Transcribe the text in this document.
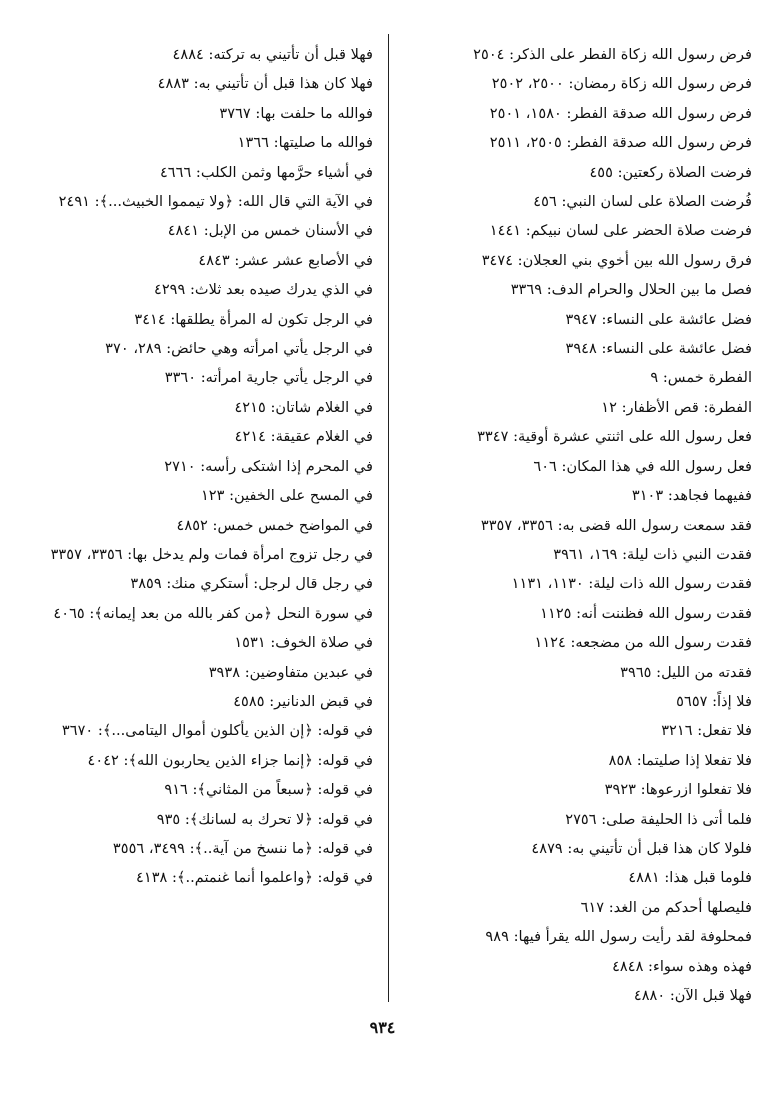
فرض رسول الله زكاة الفطر على الذكر: ٢٥٠٤
فرض رسول الله زكاة رمضان: ٢٥٠٠، ٢٥٠٢
فرض رسول الله صدقة الفطر: ١٥٨٠، ٢٥٠١
فرض رسول الله صدقة الفطر: ٢٥٠٥، ٢٥١١
فرضت الصلاة ركعتين: ٤٥٥
فُرضت الصلاة على لسان النبي: ٤٥٦
فرضت صلاة الحضر على لسان نبيكم: ١٤٤١
فرق رسول الله بين أخوي بني العجلان: ٣٤٧٤
فصل ما بين الحلال والحرام الدف: ٣٣٦٩
فضل عائشة على النساء: ٣٩٤٧
فضل عائشة على النساء: ٣٩٤٨
الفطرة خمس: ٩
الفطرة: قص الأظفار: ١٢
فعل رسول الله على اثنتي عشرة أوقية: ٣٣٤٧
فعل رسول الله في هذا المكان: ٦٠٦
ففيهما فجاهد: ٣١٠٣
فقد سمعت رسول الله قضى به: ٣٣٥٦، ٣٣٥٧
فقدت النبي ذات ليلة: ١٦٩، ٣٩٦١
فقدت رسول الله ذات ليلة: ١١٣٠، ١١٣١
فقدت رسول الله فظننت أنه: ١١٢٥
فقدت رسول الله من مضجعه: ١١٢٤
فقدته من الليل: ٣٩٦٥
فلا إذاً: ٥٦٥٧
فلا تفعل: ٣٢١٦
فلا تفعلا إذا صليتما: ٨٥٨
فلا تفعلوا ازرعوها: ٣٩٢٣
فلما أتى ذا الحليفة صلى: ٢٧٥٦
فلولا كان هذا قبل أن تأتيني به: ٤٨٧٩
فلوما قبل هذا: ٤٨٨١
فليصلها أحدكم من الغد: ٦١٧
فمحلوفة لقد رأيت رسول الله يقرأ فيها: ٩٨٩
فهذه وهذه سواء: ٤٨٤٨
فهلا قبل الآن: ٤٨٨٠
فهلا قبل أن تأتيني به تركته: ٤٨٨٤
فهلا كان هذا قبل أن تأتيني به: ٤٨٨٣
فوالله ما حلفت بها: ٣٧٦٧
فوالله ما صليتها: ١٣٦٦
في أشياء حرَّمها وثمن الكلب: ٤٦٦٦
في الآية التي قال الله: ﴿ولا تيمموا الخبيث...﴾: ٢٤٩١
في الأسنان خمس من الإبل: ٤٨٤١
في الأصابع عشر عشر: ٤٨٤٣
في الذي يدرك صيده بعد ثلاث: ٤٢٩٩
في الرجل تكون له المرأة يطلقها: ٣٤١٤
في الرجل يأتي امرأته وهي حائض: ٢٨٩، ٣٧٠
في الرجل يأتي جارية امرأته: ٣٣٦٠
في الغلام شاتان: ٤٢١٥
في الغلام عقيقة: ٤٢١٤
في المحرم إذا اشتكى رأسه: ٢٧١٠
في المسح على الخفين: ١٢٣
في المواضح خمس خمس: ٤٨٥٢
في رجل تزوج امرأة فمات ولم يدخل بها: ٣٣٥٦، ٣٣٥٧
في رجل قال لرجل: أستكري منك: ٣٨٥٩
في سورة النحل ﴿من كفر بالله من بعد إيمانه﴾: ٤٠٦٥
في صلاة الخوف: ١٥٣١
في عبدين متفاوضين: ٣٩٣٨
في قبض الدنانير: ٤٥٨٥
في قوله: ﴿إن الذين يأكلون أموال اليتامى...﴾: ٣٦٧٠
في قوله: ﴿إنما جزاء الذين يحاربون الله﴾: ٤٠٤٢
في قوله: ﴿سبعاً من المثاني﴾: ٩١٦
في قوله: ﴿لا تحرك به لسانك﴾: ٩٣٥
في قوله: ﴿ما ننسخ من آية..﴾: ٣٤٩٩، ٣٥٥٦
في قوله: ﴿واعلموا أنما غنمتم..﴾: ٤١٣٨
٩٣٤
